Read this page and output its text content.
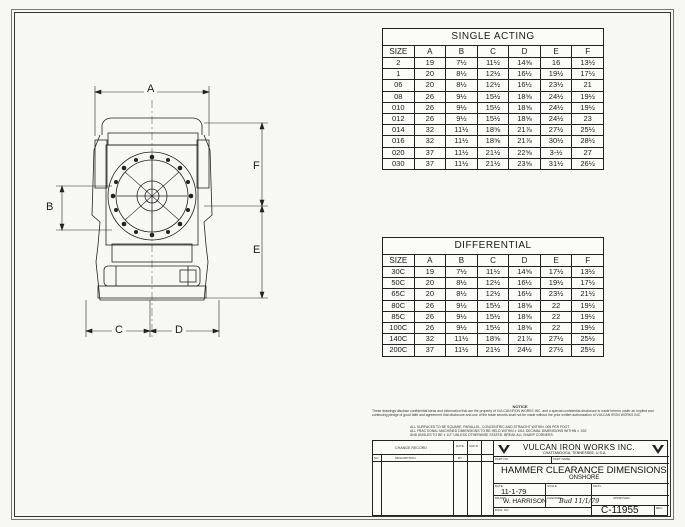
A
B
F
E
C	D
SINGLE ACTING
SIZE	A	B	C	D	E	F
2	19	7½	11½	14⅝	16	13½
1	20	8½	12½	16½	19½	17½
06	20	8½	12½	16½	23½	21
08	26	9½	15½	18⅝	24½	19½
010	26	9½	15½	18⅝	24½	19½
012	26	9½	15½	18⅝	24½	23
014	32	11½	18⅝	21⅞	27½	25½
016	32	11½	18⅝	21⅞	30½	28½
020	37	11½	21½	22⅝	3-½	27
030	37	11½	21½	23⅝	31½	26½
DIFFERENTIAL
SIZE	A	B	C	D	E	F
30C	19	7½	11½	14⅝	17½	13½
50C	20	8½	12½	16½	19½	17½
65C	20	8½	12½	16½	23½	21½
80C	26	9½	15½	18⅝	22	19½
85C	26	9½	15½	18⅝	22	19½
100C	26	9½	15½	18⅝	22	19½
140C	32	11½	18⅝	21⅞	27½	25½
200C	37	11½	21½	24½	27½	25½
NOTICE
These drawings disclose confidential ideas and information that are the property of VULCAN IRON WORKS INC. and a special confidential disclosure is made hereon under an implied and continuing pledge of good faith and agreement that disclosure and use of the trade secrets shall not be made without the prior written authorization of VULCAN IRON WORKS INC.
ALL SURFACES TO BE SQUARE, PARALLEL, CONCENTRIC AND STRAIGHT WITHIN .005 PER FOOT
ALL FRACTIONAL MACHINED DIMENSIONS TO BE HELD WITHIN ± 1/64. DECIMAL DIMENSIONS WITHIN ± .002
AND ANGLES TO BE ± 1/2° UNLESS OTHERWISE STATED. BREAK ALL SHARP CORNERS.
CHANGE RECORD	DATE CHK'D
BY
NO.	DESCRIPTION
VULCAN IRON WORKS INC.
CHATTANOOGA, TENNESSEE, U.S.A.
PART NO.	PART NAME
HAMMER CLEARANCE DIMENSIONS
ONSHORE
DATE
11-1-79
SCALE	MAT'L
DRAWN
W. HARRISON CHECKED
Bud 11/1/79	APPROVED
DWG. NO.	C-11955	REV.
